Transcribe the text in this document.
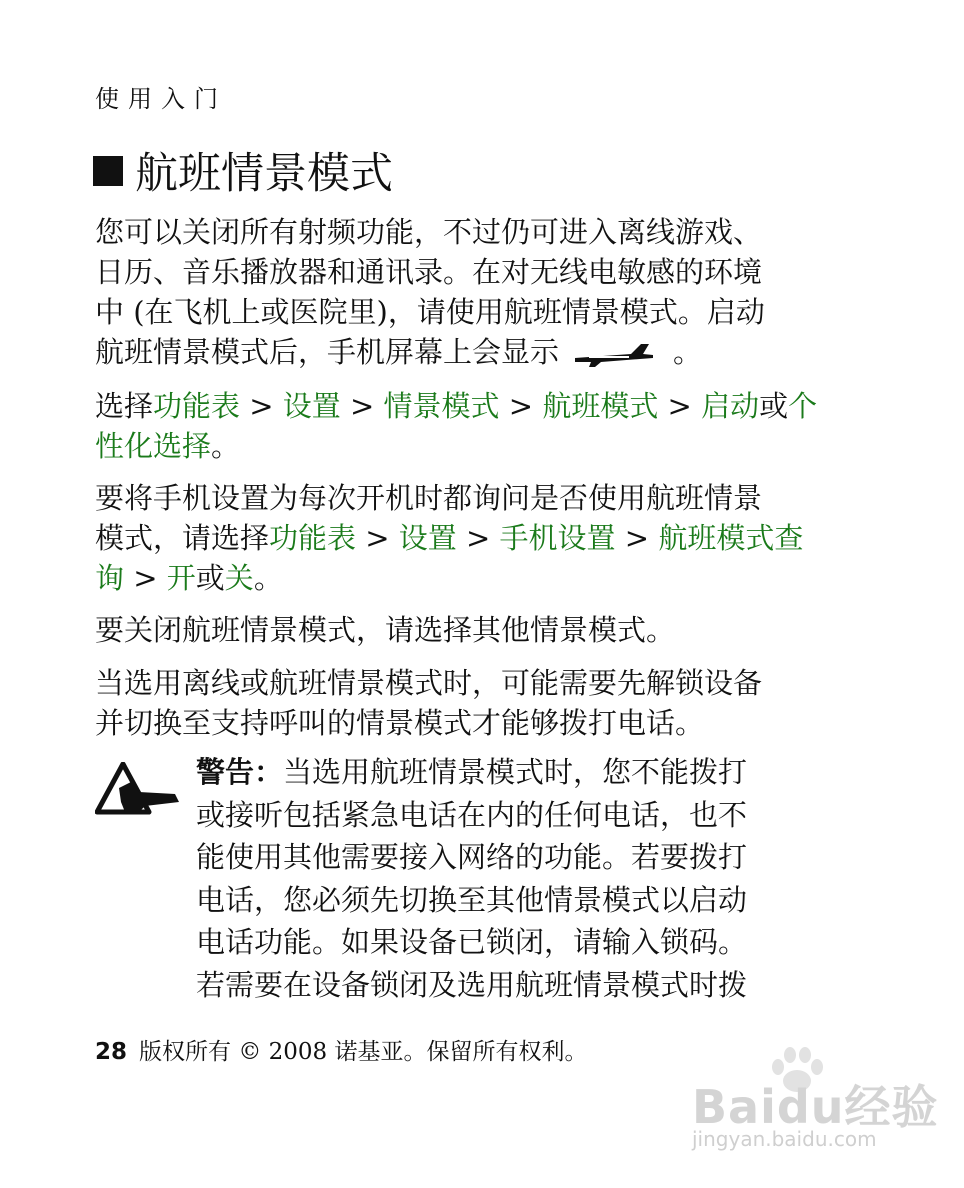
使用入门
航班情景模式
您可以关闭所有射频功能，不过仍可进入离线游戏、
日历、音乐播放器和通讯录。在对无线电敏感的环境
中 (在飞机上或医院里)，请使用航班情景模式。启动
航班情景模式后，手机屏幕上会显示	。
选择功能表 > 设置 > 情景模式 > 航班模式 > 启动或个
性化选择。
要将手机设置为每次开机时都询问是否使用航班情景
模式，请选择功能表 > 设置 > 手机设置 > 航班模式查
询 > 开或关。
要关闭航班情景模式，请选择其他情景模式。
当选用离线或航班情景模式时，可能需要先解锁设备
并切换至支持呼叫的情景模式才能够拨打电话。
警告：当选用航班情景模式时，您不能拨打
或接听包括紧急电话在内的任何电话，也不
能使用其他需要接入网络的功能。若要拨打
电话，您必须先切换至其他情景模式以启动
电话功能。如果设备已锁闭，请输入锁码。
若需要在设备锁闭及选用航班情景模式时拨
28 版权所有 © 2008 诺基亚。保留所有权利。
Baidu经验
jingyan.baidu.com
